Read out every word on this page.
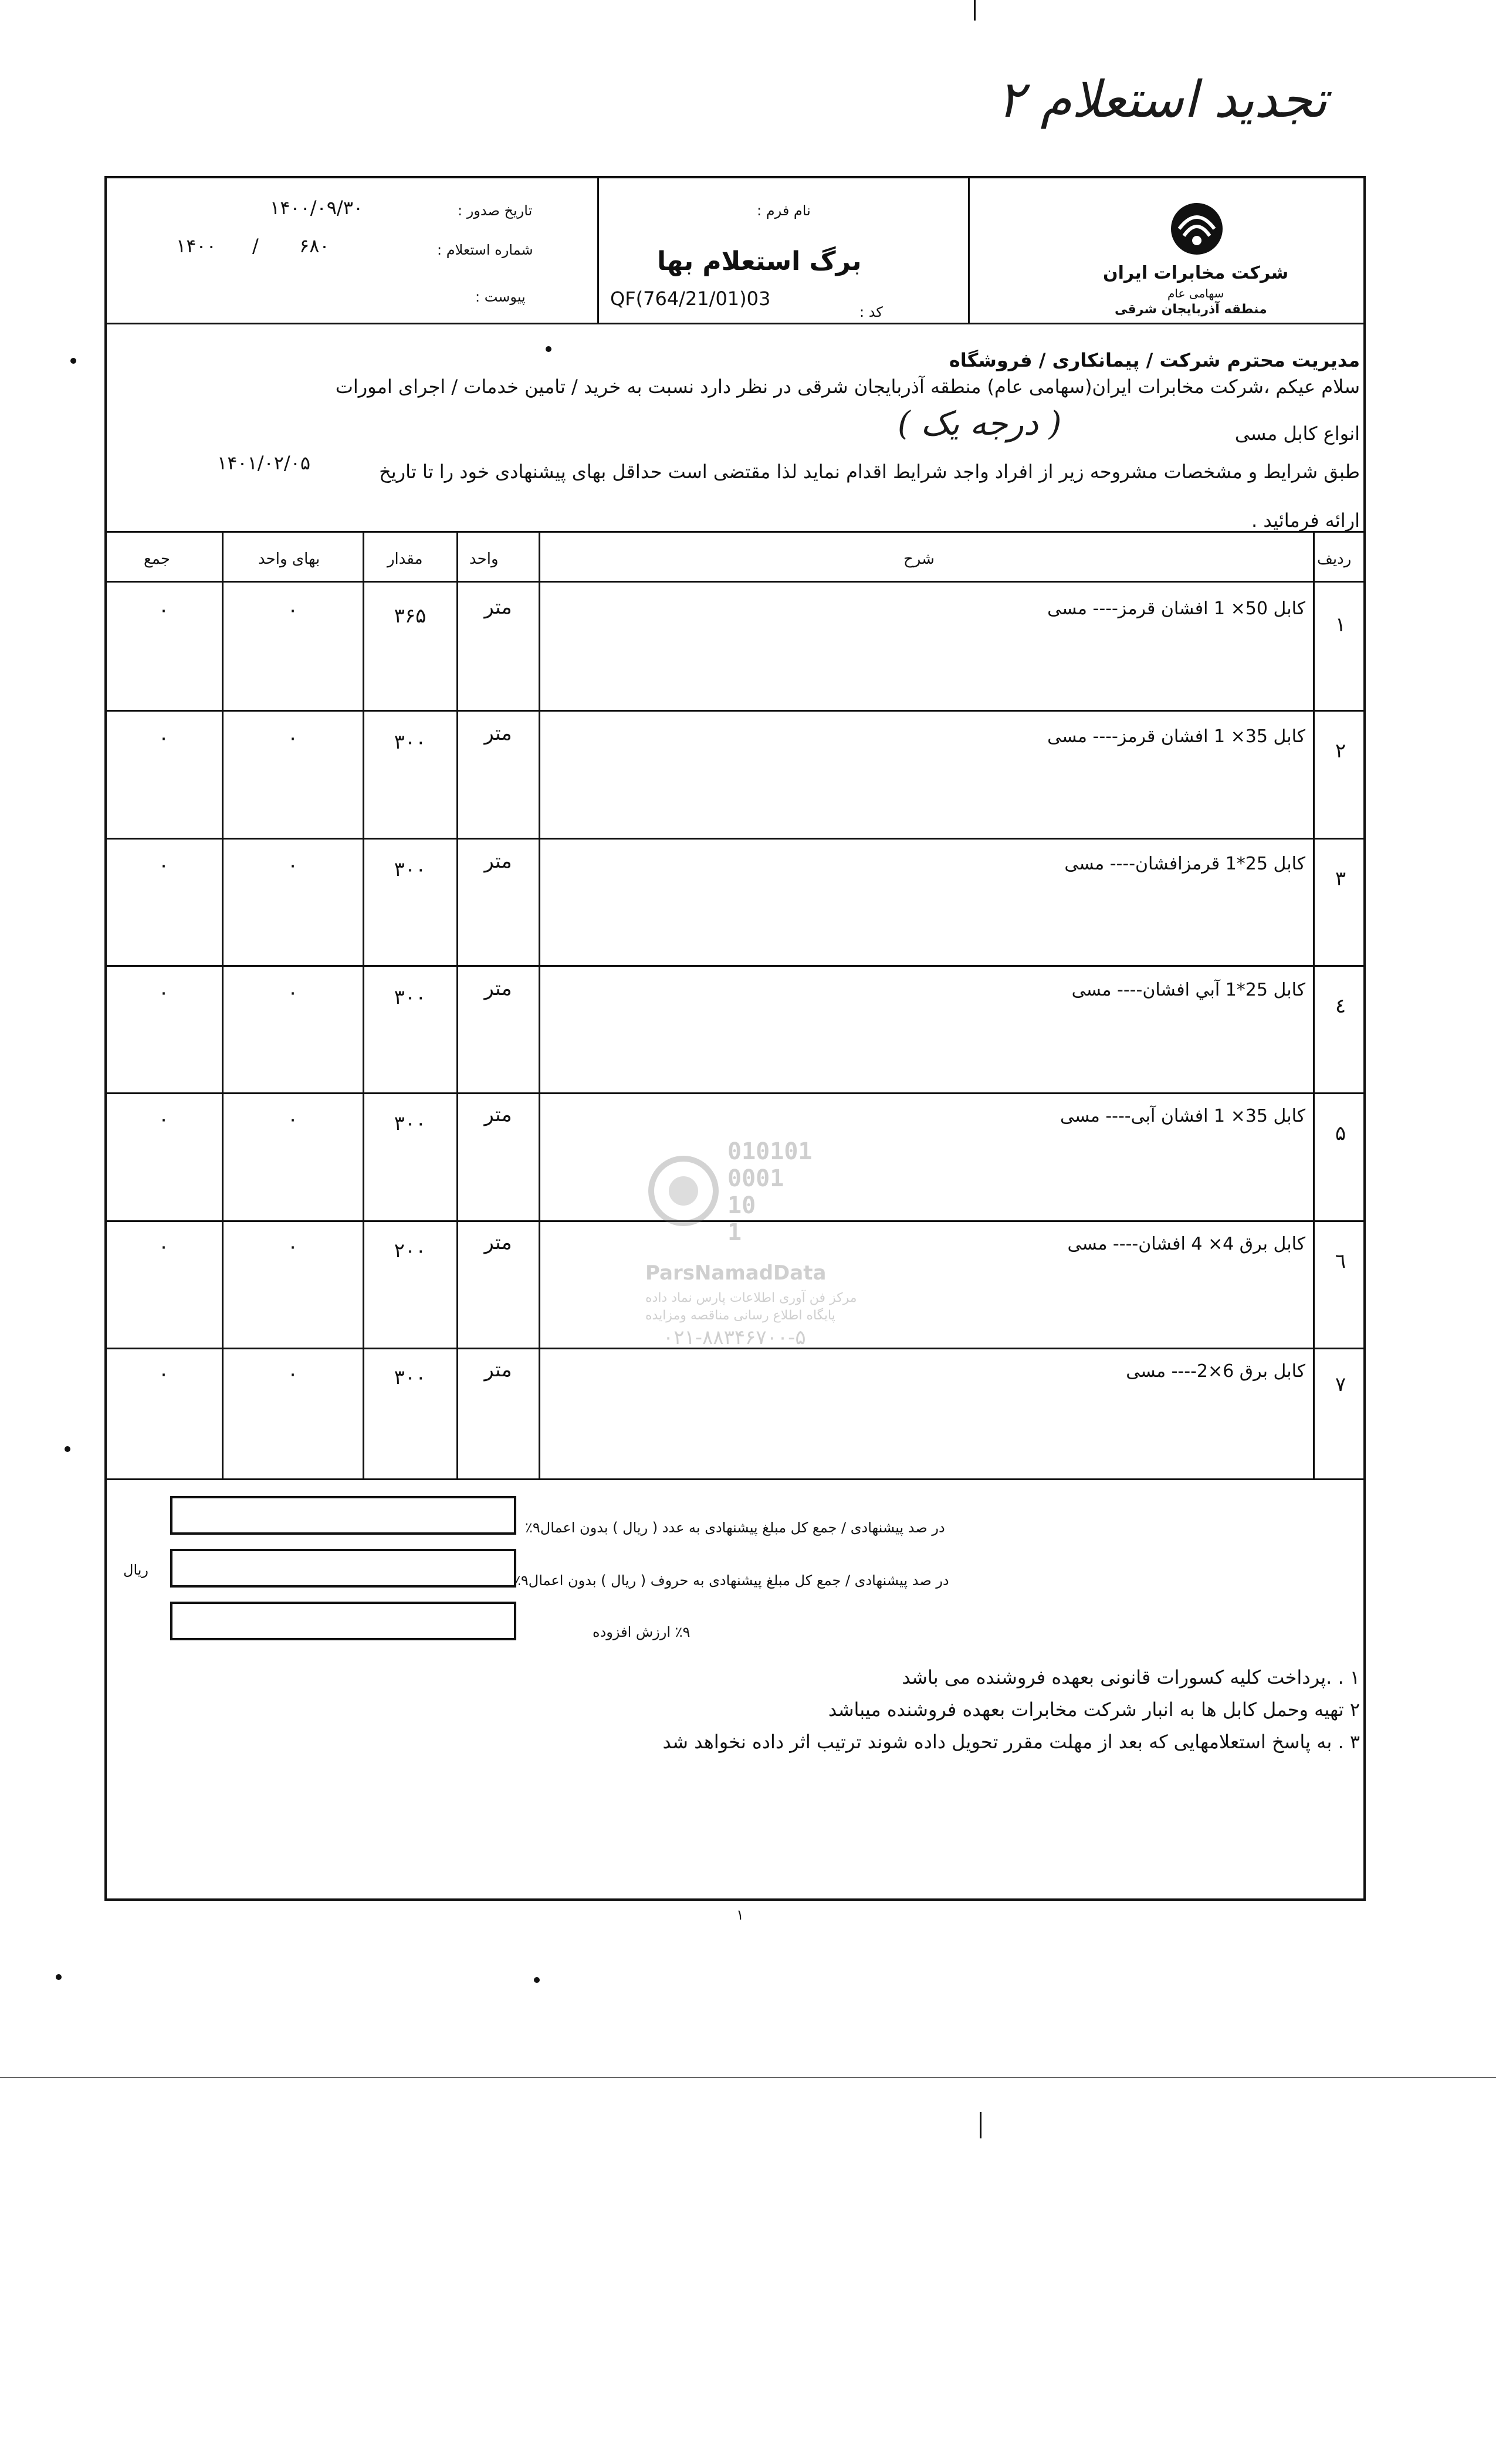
تجدید استعلام ۲
شرکت مخابرات ایران
سهامی عام
منطقه آذربایجان شرقی
نام فرم :
برگ استعلام بها
کد :
QF(764/21/01)03
تاریخ صدور :
۱۴۰۰/۰۹/۳۰
شماره استعلام :
۶۸۰
/
۱۴۰۰
پیوست :
مدیریت محترم شرکت / پیمانکاری / فروشگاه
سلام عیکم ،شرکت مخابرات ایران(سهامی عام) منطقه آذربایجان شرقی در نظر دارد نسبت به خرید / تامین خدمات / اجرای امورات
انواع کابل مسی
( درجه یک )
طبق شرایط و مشخصات مشروحه زیر از افراد واجد شرایط اقدام نماید لذا مقتضی است حداقل بهای پیشنهادی خود را تا تاریخ
۱۴۰۱/۰۲/۰۵
ارائه فرمائید .
ردیف
شرح
واحد
مقدار
بهای واحد
جمع
۱
کابل 50× 1 افشان قرمز---- مسی
متر
۳۶۵
۰
۰
۲
کابل 35× 1 افشان قرمز---- مسی
متر
۳۰۰
۰
۰
۳
کابل 25*1 قرمزافشان---- مسی
متر
۳۰۰
۰
۰
٤
کابل 25*1 آبي افشان---- مسی
متر
۳۰۰
۰
۰
۵
کابل 35× 1 افشان آبی---- مسی
متر
۳۰۰
۰
۰
٦
کابل برق 4× 4 افشان---- مسی
متر
۲۰۰
۰
۰
۷
کابل برق 6×2---- مسی
متر
۳۰۰
۰
۰
010101
0001
10
1
ParsNamadData
مرکز فن آوری اطلاعات پارس نماد داده
پایگاه اطلاع رسانی مناقصه ومزایده
۰۲۱-۸۸۳۴۶۷۰۰-۵
در صد پیشنهادی / جمع کل مبلغ پیشنهادی به عدد ( ریال ) بدون اعمال٩٪
در صد پیشنهادی / جمع کل مبلغ پیشنهادی به حروف ( ریال ) بدون اعمال٩٪
٩٪ ارزش افزوده
ریال
۱ . .پرداخت کلیه کسورات قانونی بعهده فروشنده می باشد
۲ تهیه وحمل کابل ها به انبار شرکت مخابرات بعهده فروشنده میباشد
۳ . به پاسخ استعلامهایی که بعد از مهلت مقرر تحویل داده شوند ترتیب اثر داده نخواهد شد
۱
